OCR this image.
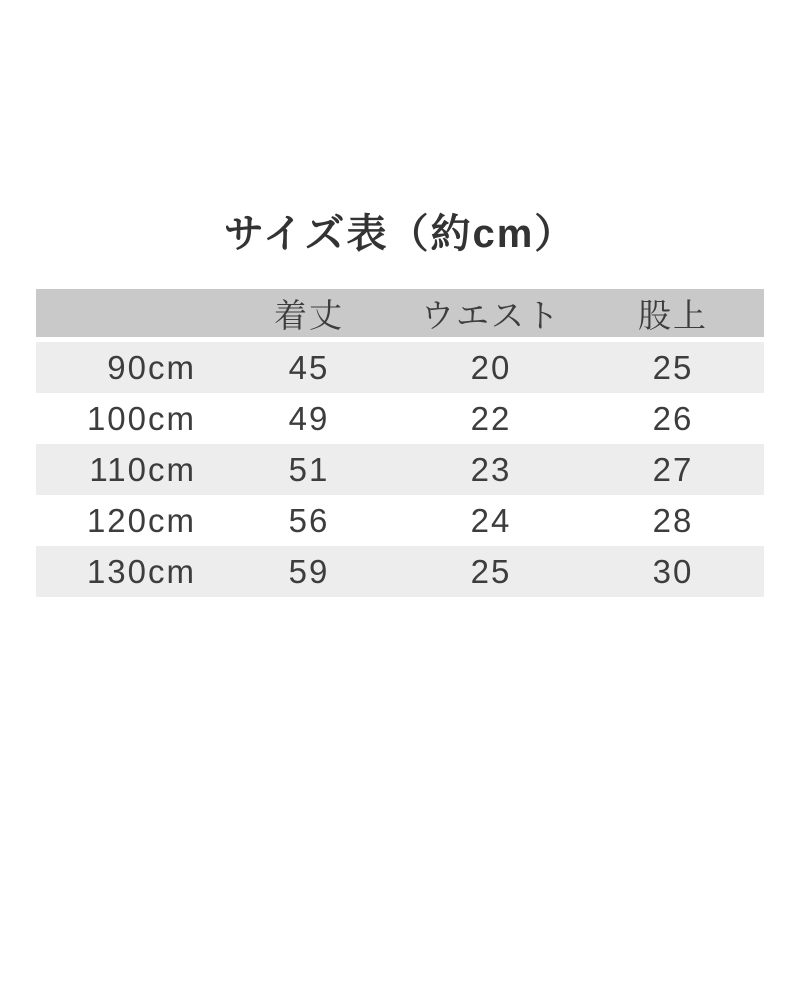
サイズ表（約cm）
	着丈	ウエスト	股上
90cm	45	20	25
100cm	49	22	26
110cm	51	23	27
120cm	56	24	28
130cm	59	25	30
